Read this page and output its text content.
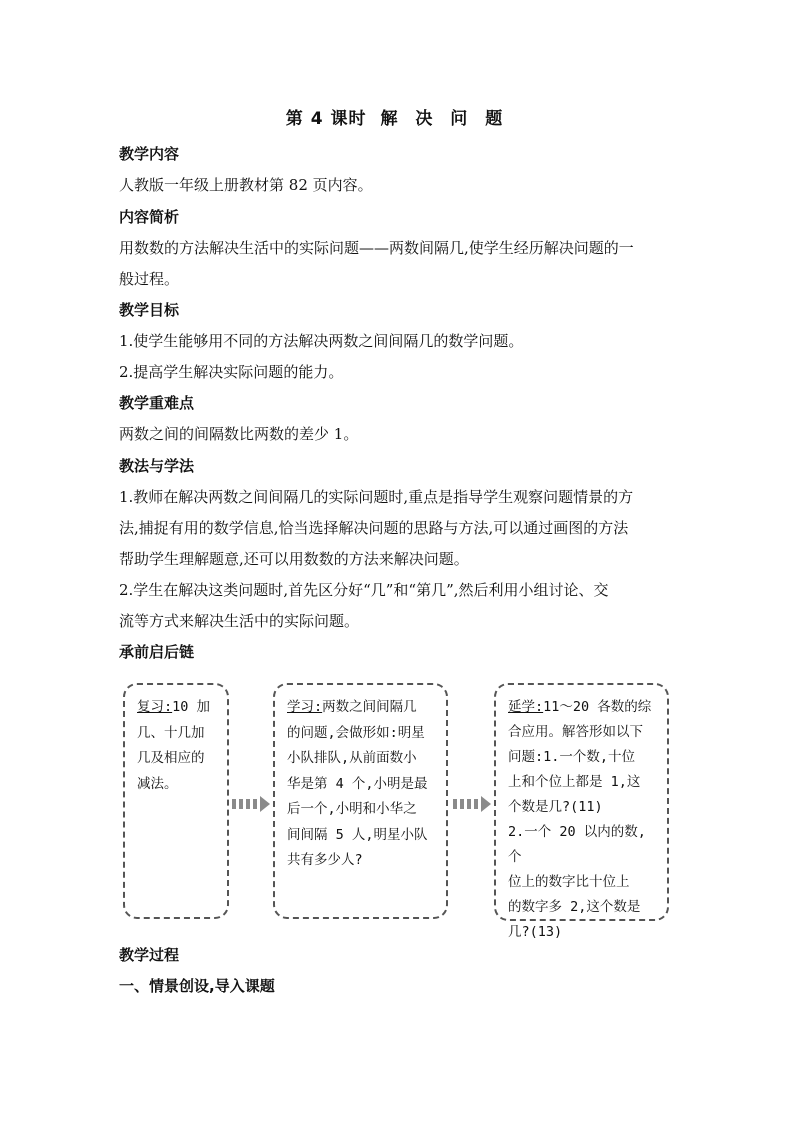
第 4 课时 解 决 问 题
教学内容
人教版一年级上册教材第 82 页内容。
内容简析
用数数的方法解决生活中的实际问题——两数间隔几,使学生经历解决问题的一
般过程。
教学目标
1.使学生能够用不同的方法解决两数之间间隔几的数学问题。
2.提高学生解决实际问题的能力。
教学重难点
两数之间的间隔数比两数的差少 1。
教法与学法
1.教师在解决两数之间间隔几的实际问题时,重点是指导学生观察问题情景的方
法,捕捉有用的数学信息,恰当选择解决问题的思路与方法,可以通过画图的方法
帮助学生理解题意,还可以用数数的方法来解决问题。
2.学生在解决这类问题时,首先区分好“几”和“第几”,然后利用小组讨论、交
流等方式来解决生活中的实际问题。
承前启后链
复习:10 加
几、十几加
几及相应的
减法。
学习:两数之间间隔几
的问题,会做形如:明星
小队排队,从前面数小
华是第 4 个,小明是最
后一个,小明和小华之
间间隔 5 人,明星小队
共有多少人?
延学:11～20 各数的综
合应用。解答形如以下
问题:1.一个数,十位
上和个位上都是 1,这
个数是几?(11)
2.一个 20 以内的数,个
位上的数字比十位上
的数字多 2,这个数是
几?(13)
教学过程
一、情景创设,导入课题
